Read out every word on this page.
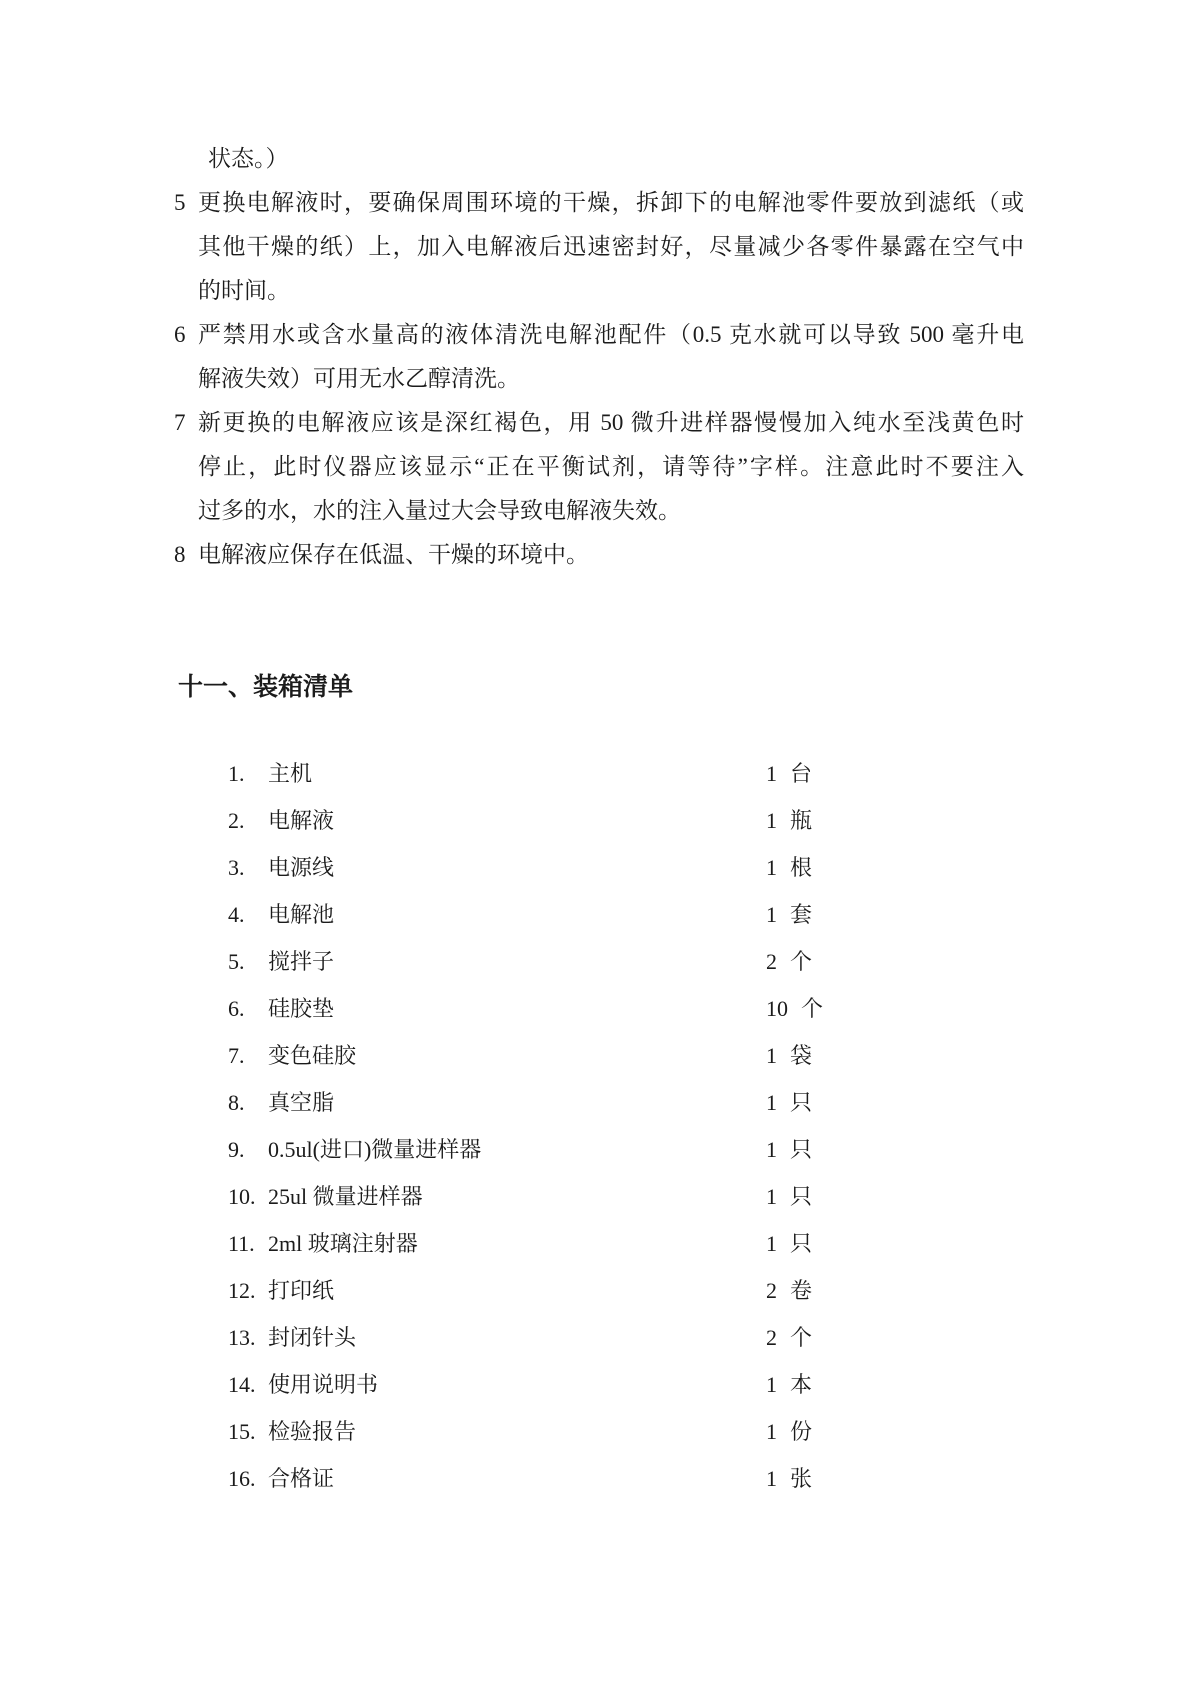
状态。）
5 更换电解液时，要确保周围环境的干燥，拆卸下的电解池零件要放到滤纸（或
其他干燥的纸）上，加入电解液后迅速密封好，尽量减少各零件暴露在空气中
的时间。
6 严禁用水或含水量高的液体清洗电解池配件（0.5 克水就可以导致 500 毫升电
解液失效）可用无水乙醇清洗。
7 新更换的电解液应该是深红褐色，用 50 微升进样器慢慢加入纯水至浅黄色时
停止，此时仪器应该显示“正在平衡试剂，请等待”字样。注意此时不要注入
过多的水，水的注入量过大会导致电解液失效。
8 电解液应保存在低温、干燥的环境中。
十一、装箱清单
1. 主机	1 台
2. 电解液	1 瓶
3. 电源线	1 根
4. 电解池	1 套
5. 搅拌子	2 个
6. 硅胶垫	10 个
7. 变色硅胶	1 袋
8. 真空脂	1 只
9. 0.5ul(进口)微量进样器	1 只
10. 25ul 微量进样器	1 只
11. 2ml 玻璃注射器	1 只
12. 打印纸	2 卷
13. 封闭针头	2 个
14. 使用说明书	1 本
15. 检验报告	1 份
16. 合格证	1 张
